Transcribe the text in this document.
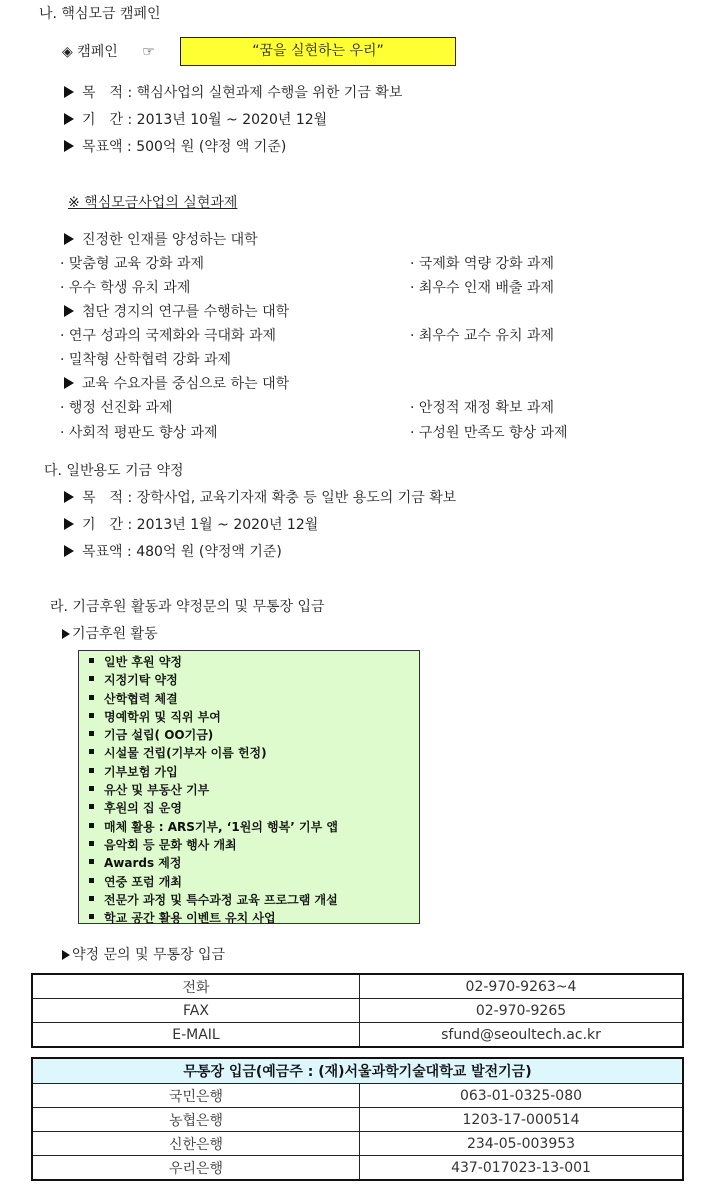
나. 핵심모금 캠페인
◈ 캠페인 ☞	“꿈을 실현하는 우리”
목　적 : 핵심사업의 실현과제 수행을 위한 기금 확보
기　간 : 2013년 10월 ~ 2020년 12월
목표액 : 500억 원 (약정 액 기준)
※ 핵심모금사업의 실현과제
진정한 인재를 양성하는 대학
· 맞춤형 교육 강화 과제	· 국제화 역량 강화 과제
· 우수 학생 유치 과제	· 최우수 인재 배출 과제
첨단 경지의 연구를 수행하는 대학
· 연구 성과의 국제화와 극대화 과제	· 최우수 교수 유치 과제
· 밀착형 산학협력 강화 과제
교육 수요자를 중심으로 하는 대학
· 행정 선진화 과제	· 안정적 재정 확보 과제
· 사회적 평판도 향상 과제	· 구성원 만족도 향상 과제
다. 일반용도 기금 약정
목　적 : 장학사업, 교육기자재 확충 등 일반 용도의 기금 확보
기　간 : 2013년 1월 ~ 2020년 12월
목표액 : 480억 원 (약정액 기준)
라. 기금후원 활동과 약정문의 및 무통장 입금
기금후원 활동
일반 후원 약정
지정기탁 약정
산학협력 체결
명예학위 및 직위 부여
기금 설립( OO기금)
시설물 건립(기부자 이름 헌정)
기부보험 가입
유산 및 부동산 기부
후원의 집 운영
매체 활용 : ARS기부, ‘1원의 행복’ 기부 앱
음악회 등 문화 행사 개최
Awards 제정
연중 포럼 개최
전문가 과정 및 특수과정 교육 프로그램 개설
학교 공간 활용 이벤트 유치 사업
약정 문의 및 무통장 입금
전화	02-970-9263~4
FAX	02-970-9265
E-MAIL	sfund@seoultech.ac.kr
무통장 입금(예금주 : (재)서울과학기술대학교 발전기금)	
국민은행	063-01-0325-080
농협은행	1203-17-000514
신한은행	234-05-003953
우리은행	437-017023-13-001
